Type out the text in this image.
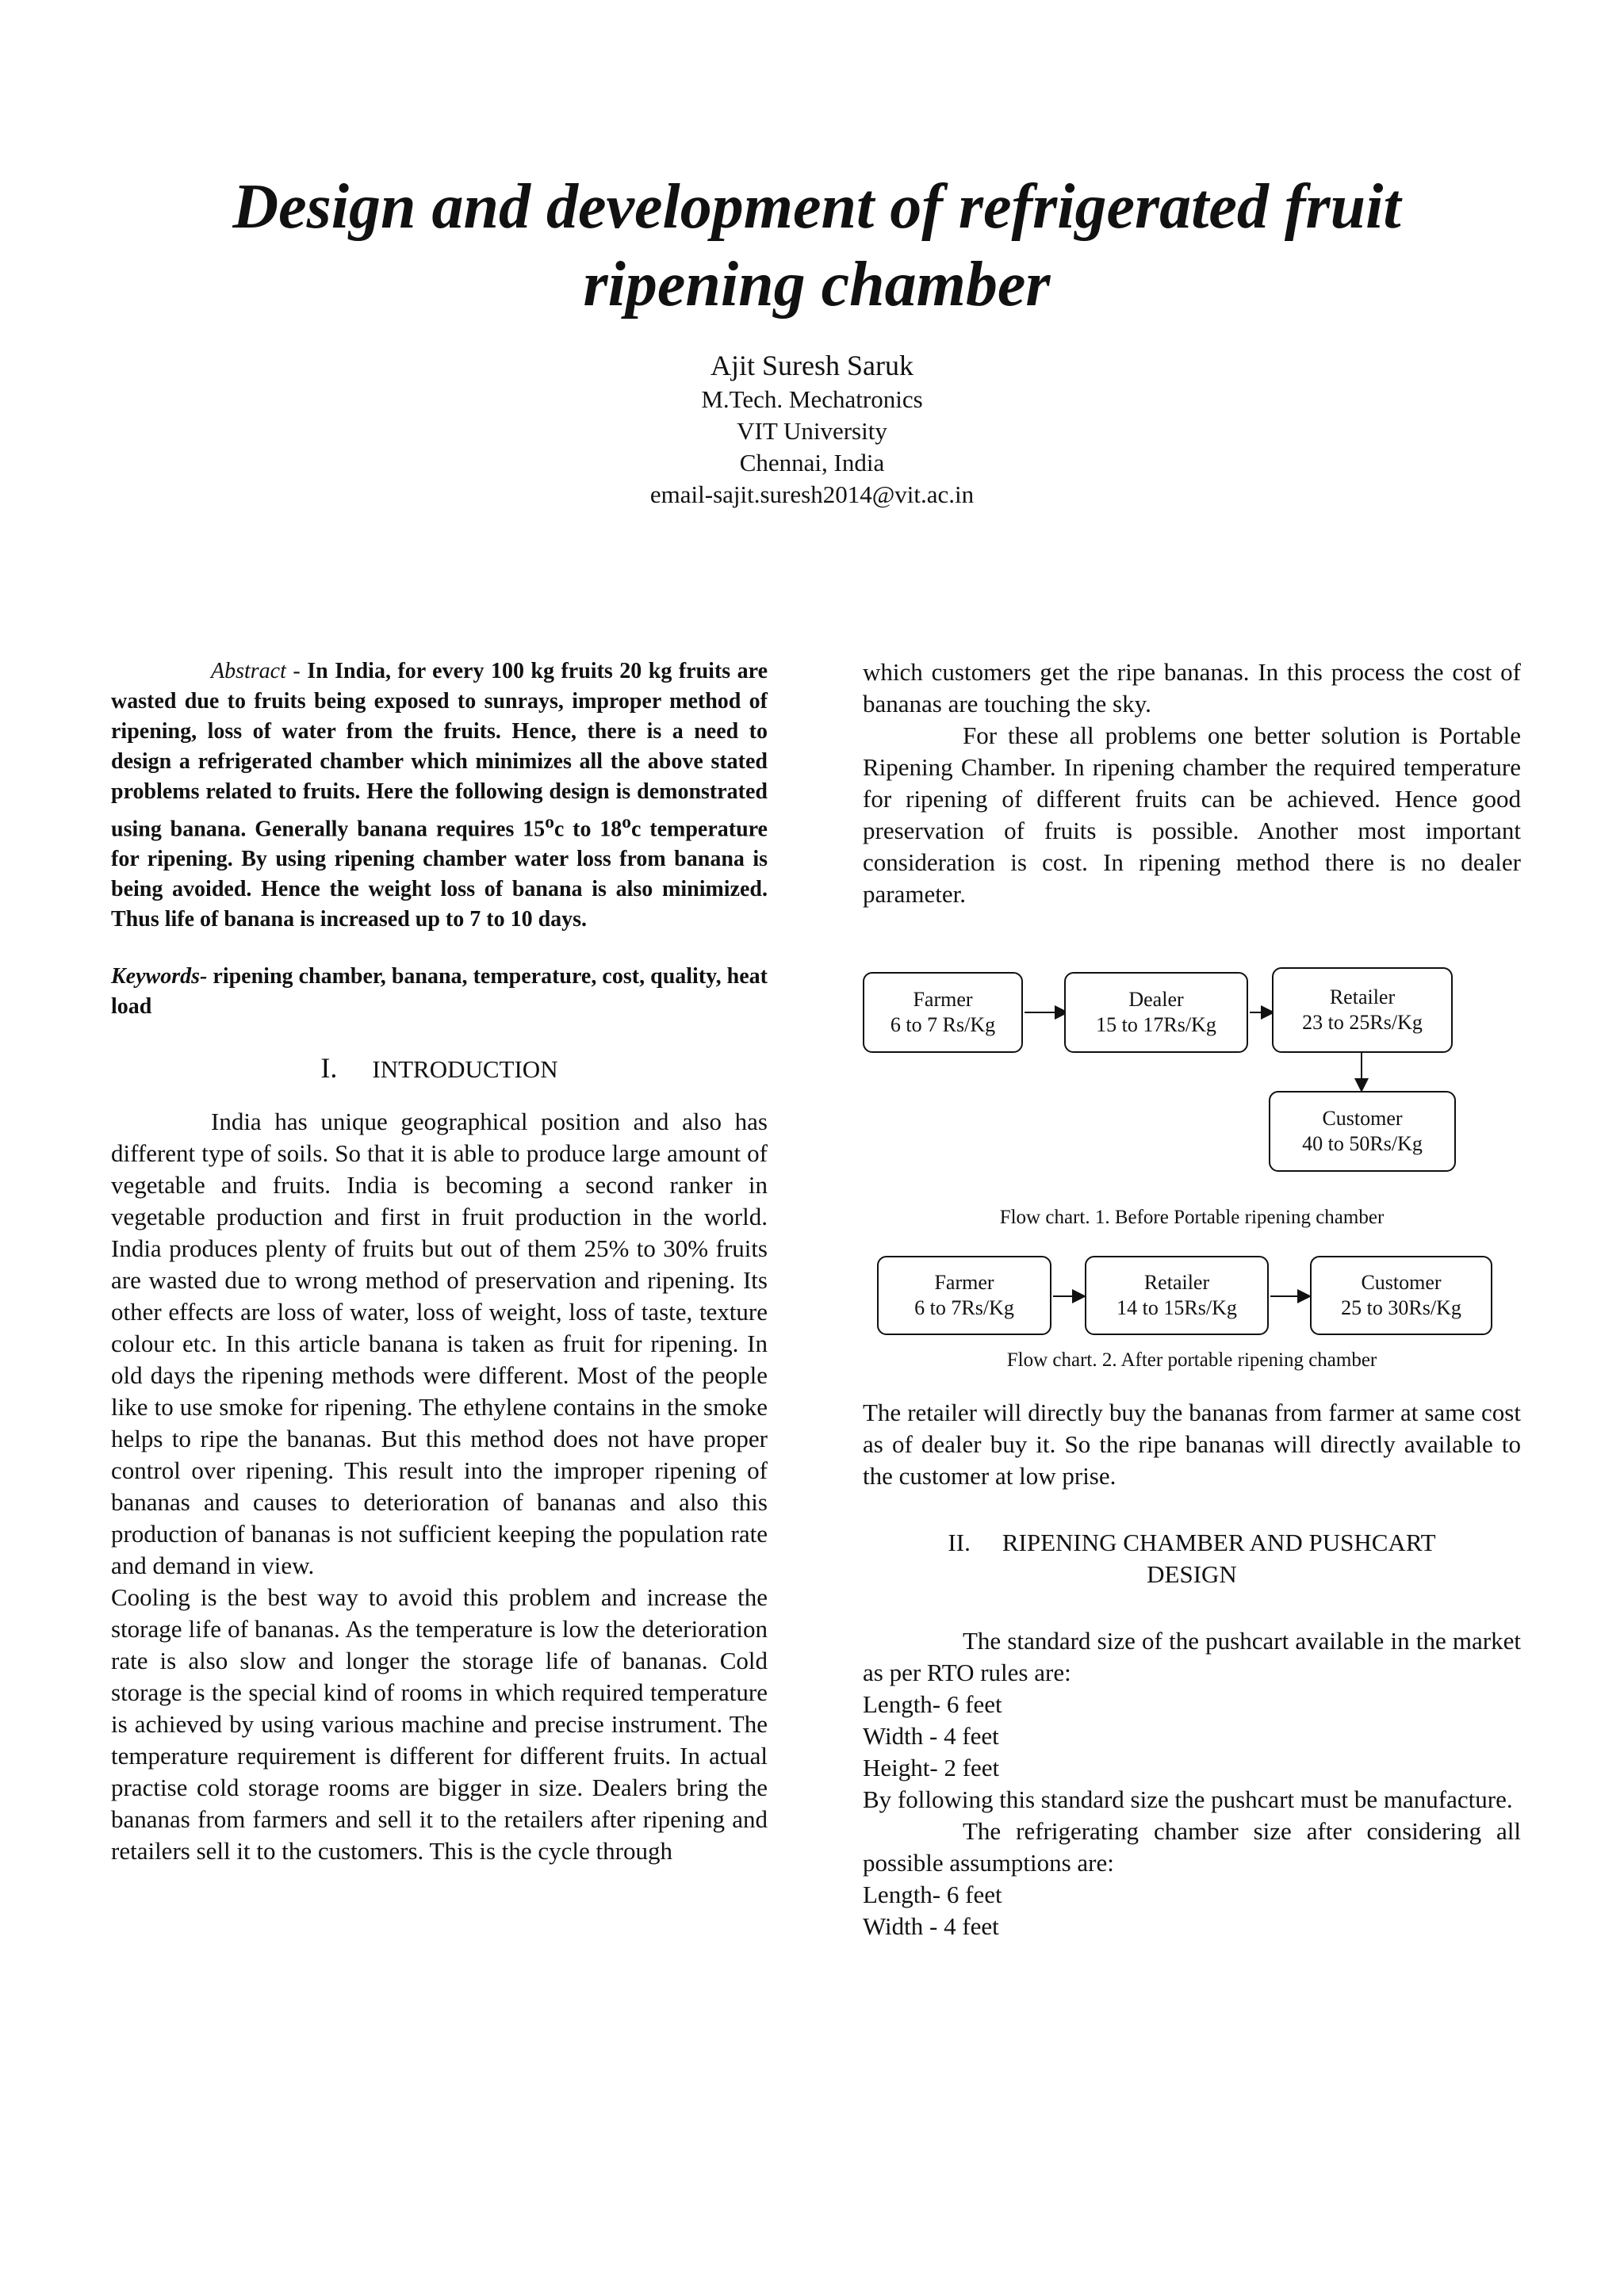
Design and development of refrigerated fruit ripening chamber
Ajit Suresh Saruk
M.Tech. Mechatronics
VIT University
Chennai, India
email-sajit.suresh2014@vit.ac.in

Abstract - In India, for every 100 kg fruits 20 kg fruits are wasted due to fruits being exposed to sunrays, improper method of ripening, loss of water from the fruits. Hence, there is a need to design a refrigerated chamber which minimizes all the above stated problems related to fruits. Here the following design is demonstrated using banana. Generally banana requires 15$^o$c to 18$^o$c temperature for ripening. By using ripening chamber water loss from banana is being avoided. Hence the weight loss of banana is also minimized. Thus life of banana is increased up to 7 to 10 days.

Keywords- ripening chamber, banana, temperature, cost, quality, heat load

I. INTRODUCTION

India has unique geographical position and also has different type of soils. So that it is able to produce large amount of vegetable and fruits. India is becoming a second ranker in vegetable production and first in fruit production in the world. India produces plenty of fruits but out of them 25% to 30% fruits are wasted due to wrong method of preservation and ripening. Its other effects are loss of water, loss of weight, loss of taste, texture colour etc. In this article banana is taken as fruit for ripening. In old days the ripening methods were different. Most of the people like to use smoke for ripening. The ethylene contains in the smoke helps to ripe the bananas. But this method does not have proper control over ripening. This result into the improper ripening of bananas and causes to deterioration of bananas and also this production of bananas is not sufficient keeping the population rate and demand in view.

Cooling is the best way to avoid this problem and increase the storage life of bananas. As the temperature is low the deterioration rate is also slow and longer the storage life of bananas. Cold storage is the special kind of rooms in which required temperature is achieved by using various machine and precise instrument. The temperature requirement is different for different fruits. In actual practise cold storage rooms are bigger in size. Dealers bring the bananas from farmers and sell it to the retailers after ripening and retailers sell it to the customers. This is the cycle through

which customers get the ripe bananas. In this process the cost of bananas are touching the sky.

For these all problems one better solution is Portable Ripening Chamber. In ripening chamber the required temperature for ripening of different fruits can be achieved. Hence good preservation of fruits is possible. Another most important consideration is cost. In ripening method there is no dealer parameter.

Farmer
6 to 7 Rs/Kg
Dealer
15 to 17Rs/Kg
Retailer
23 to 25Rs/Kg
Customer
40 to 50Rs/Kg
Flow chart. 1. Before Portable ripening chamber
Farmer
6 to 7Rs/Kg
Retailer
14 to 15Rs/Kg
Customer
25 to 30Rs/Kg
Flow chart. 2. After portable ripening chamber

The retailer will directly buy the bananas from farmer at same cost as of dealer buy it. So the ripe bananas will directly available to the customer at low prise.

II. RIPENING CHAMBER AND PUSHCART

DESIGN

The standard size of the pushcart available in the market as per RTO rules are:

Length- 6 feet

Width - 4 feet

Height- 2 feet

By following this standard size the pushcart must be manufacture.

The refrigerating chamber size after considering all possible assumptions are:

Length- 6 feet

Width - 4 feet
